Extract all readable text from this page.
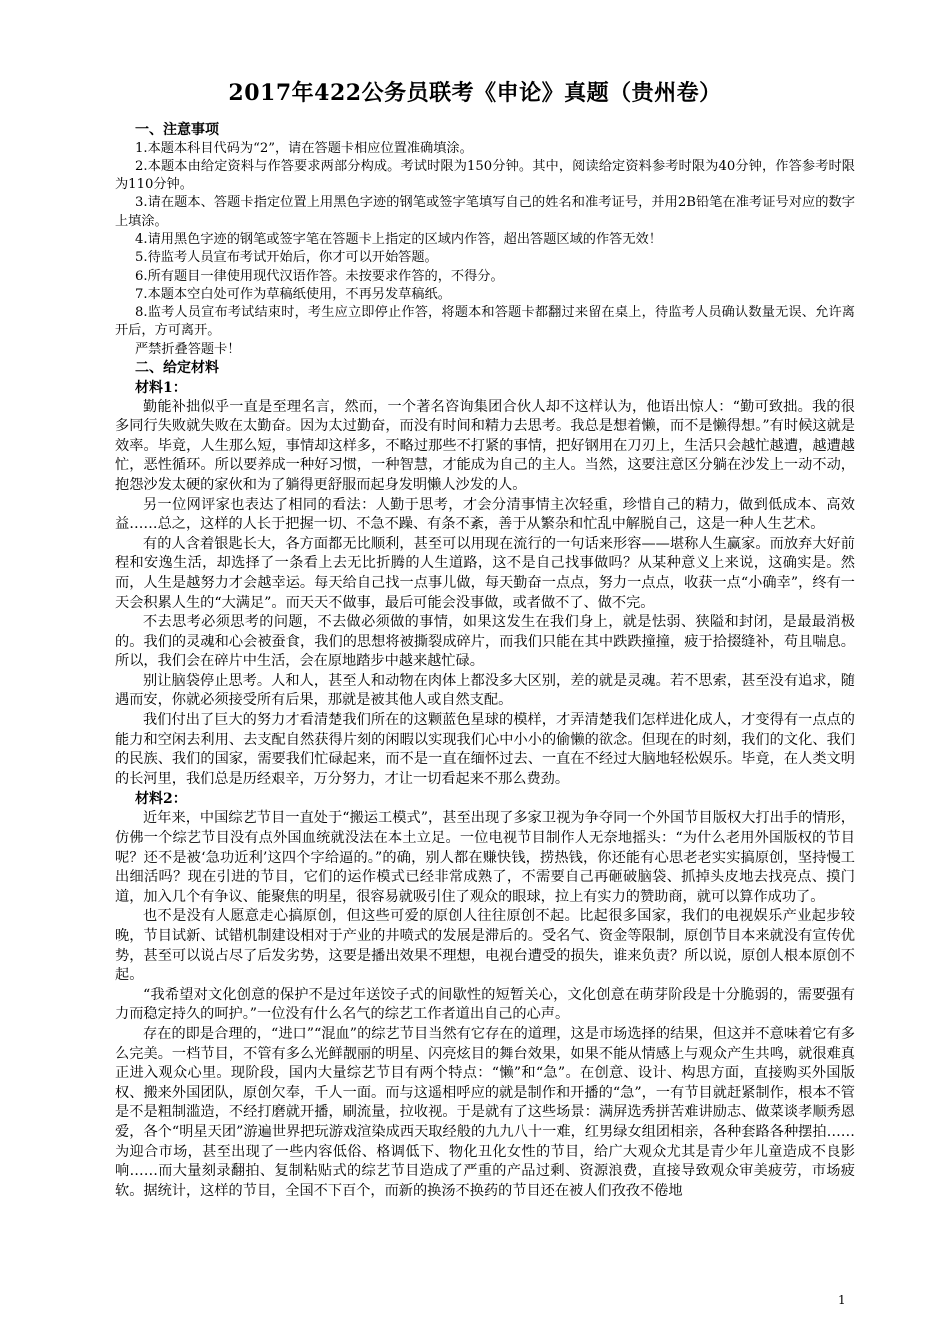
2017年422公务员联考《申论》真题（贵州卷）

一、注意事项

1.本题本科目代码为“2”，请在答题卡相应位置准确填涂。

2.本题本由给定资料与作答要求两部分构成。考试时限为150分钟。其中，阅读给定资料参考时限为40分钟，作答参考时限为110分钟。

3.请在题本、答题卡指定位置上用黑色字迹的钢笔或签字笔填写自己的姓名和准考证号，并用2B铅笔在准考证号对应的数字上填涂。

4.请用黑色字迹的钢笔或签字笔在答题卡上指定的区域内作答，超出答题区域的作答无效！

5.待监考人员宣布考试开始后，你才可以开始答题。

6.所有题目一律使用现代汉语作答。未按要求作答的，不得分。

7.本题本空白处可作为草稿纸使用，不再另发草稿纸。

8.监考人员宣布考试结束时，考生应立即停止作答，将题本和答题卡都翻过来留在桌上，待监考人员确认数量无误、允许离开后，方可离开。

严禁折叠答题卡！

二、给定材料

材料1：

勤能补拙似乎一直是至理名言，然而，一个著名咨询集团合伙人却不这样认为，他语出惊人：“勤可致拙。我的很多同行失败就失败在太勤奋。因为太过勤奋，而没有时间和精力去思考。我总是想着懒，而不是懒得想。”有时候这就是效率。毕竟，人生那么短，事情却这样多，不略过那些不打紧的事情，把好钢用在刀刃上，生活只会越忙越遭，越遭越忙，恶性循环。所以要养成一种好习惯，一种智慧，才能成为自己的主人。当然，这要注意区分躺在沙发上一动不动，抱怨沙发太硬的家伙和为了躺得更舒服而起身发明懒人沙发的人。

另一位网评家也表达了相同的看法：人勤于思考，才会分清事情主次轻重，珍惜自己的精力，做到低成本、高效益……总之，这样的人长于把握一切、不急不躁、有条不紊，善于从繁杂和忙乱中解脱自己，这是一种人生艺术。

有的人含着银匙长大，各方面都无比顺利，甚至可以用现在流行的一句话来形容——堪称人生赢家。而放弃大好前程和安逸生活，却选择了一条看上去无比折腾的人生道路，这不是自己找事做吗？从某种意义上来说，这确实是。然而，人生是越努力才会越幸运。每天给自己找一点事儿做，每天勤奋一点点，努力一点点，收获一点“小确幸”，终有一天会积累人生的“大满足”。而天天不做事，最后可能会没事做，或者做不了、做不完。

不去思考必须思考的问题，不去做必须做的事情，如果这发生在我们身上，就是怯弱、狭隘和封闭，是最最消极的。我们的灵魂和心会被蚕食，我们的思想将被撕裂成碎片，而我们只能在其中跌跌撞撞，疲于拾掇缝补，苟且喘息。所以，我们会在碎片中生活，会在原地踏步中越来越忙碌。

别让脑袋停止思考。人和人，甚至人和动物在肉体上都没多大区别，差的就是灵魂。若不思索，甚至没有追求，随遇而安，你就必须接受所有后果，那就是被其他人或自然支配。

我们付出了巨大的努力才看清楚我们所在的这颗蓝色星球的模样，才弄清楚我们怎样进化成人，才变得有一点点的能力和空闲去利用、去支配自然获得片刻的闲暇以实现我们心中小小的偷懒的欲念。但现在的时刻，我们的文化、我们的民族、我们的国家，需要我们忙碌起来，而不是一直在缅怀过去、一直在不经过大脑地轻松娱乐。毕竟，在人类文明的长河里，我们总是历经艰辛，万分努力，才让一切看起来不那么费劲。

材料2：

近年来，中国综艺节目一直处于“搬运工模式”，甚至出现了多家卫视为争夺同一个外国节目版权大打出手的情形，仿佛一个综艺节目没有点外国血统就没法在本土立足。一位电视节目制作人无奈地摇头：“为什么老用外国版权的节目呢？还不是被‘急功近利’这四个字给逼的。”的确，别人都在赚快钱，捞热钱，你还能有心思老老实实搞原创，坚持慢工出细活吗？现在引进的节目，它们的运作模式已经非常成熟了，不需要自己再砸破脑袋、抓掉头皮地去找亮点、摸门道，加入几个有争议、能聚焦的明星，很容易就吸引住了观众的眼球，拉上有实力的赞助商，就可以算作成功了。

也不是没有人愿意走心搞原创，但这些可爱的原创人往往原创不起。比起很多国家，我们的电视娱乐产业起步较晚，节目试新、试错机制建设相对于产业的井喷式的发展是滞后的。受名气、资金等限制，原创节目本来就没有宣传优势，甚至可以说占尽了后发劣势，这要是播出效果不理想，电视台遭受的损失，谁来负责？所以说，原创人根本原创不起。

“我希望对文化创意的保护不是过年送饺子式的间歇性的短暂关心，文化创意在萌芽阶段是十分脆弱的，需要强有力而稳定持久的呵护。”一位没有什么名气的综艺工作者道出自己的心声。

存在的即是合理的，“进口”“混血”的综艺节目当然有它存在的道理，这是市场选择的结果，但这并不意味着它有多么完美。一档节目，不管有多么光鲜靓丽的明星、闪亮炫目的舞台效果，如果不能从情感上与观众产生共鸣，就很难真正进入观众心里。现阶段，国内大量综艺节目有两个特点：“懒”和“急”。在创意、设计、构思方面，直接购买外国版权、搬来外国团队，原创欠奉，千人一面。而与这遥相呼应的就是制作和开播的“急”，一有节目就赶紧制作，根本不管是不是粗制滥造，不经打磨就开播，刷流量，拉收视。于是就有了这些场景：满屏选秀拼苦难讲励志、做菜谈孝顺秀恩爱，各个“明星天团”游遍世界把玩游戏渲染成西天取经般的九九八十一难，红男绿女组团相亲，各种套路各种摆拍……为迎合市场，甚至出现了一些内容低俗、格调低下、物化丑化女性的节目，给广大观众尤其是青少年儿童造成不良影响……而大量刻录翻拍、复制粘贴式的综艺节目造成了严重的产品过剩、资源浪费，直接导致观众审美疲劳，市场疲软。据统计，这样的节目，全国不下百个，而新的换汤不换药的节目还在被人们孜孜不倦地

1
